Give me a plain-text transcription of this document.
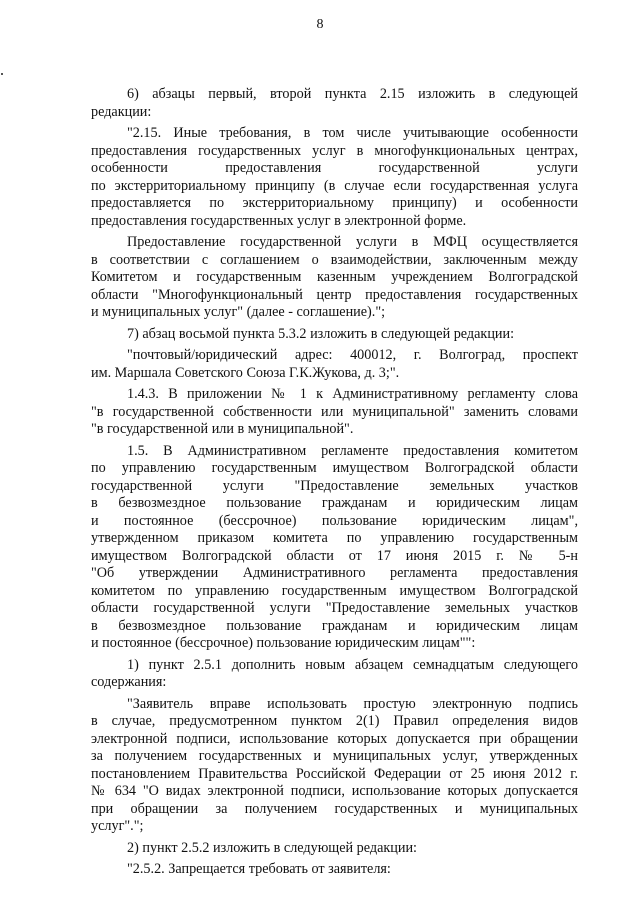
8
6) абзацы первый, второй пункта 2.15 изложить в следующей
редакции:
"2.15. Иные требования, в том числе учитывающие особенности
предоставления государственных услуг в многофункциональных центрах,
особенности предоставления государственной услуги
по экстерриториальному принципу (в случае если государственная услуга
предоставляется по экстерриториальному принципу) и особенности
предоставления государственных услуг в электронной форме.
Предоставление государственной услуги в МФЦ осуществляется
в соответствии с соглашением о взаимодействии, заключенным между
Комитетом и государственным казенным учреждением Волгоградской
области "Многофункциональный центр предоставления государственных
и муниципальных услуг" (далее - соглашение).";
7) абзац восьмой пункта 5.3.2 изложить в следующей редакции:
"почтовый/юридический адрес: 400012, г. Волгоград, проспект
им. Маршала Советского Союза Г.К.Жукова, д. 3;".
1.4.3. В приложении № 1 к Административному регламенту слова
"в государственной собственности или муниципальной" заменить словами
"в государственной или в муниципальной".
1.5. В Административном регламенте предоставления комитетом
по управлению государственным имуществом Волгоградской области
государственной услуги "Предоставление земельных участков
в безвозмездное пользование гражданам и юридическим лицам
и постоянное (бессрочное) пользование юридическим лицам",
утвержденном приказом комитета по управлению государственным
имуществом Волгоградской области от 17 июня 2015 г. № 5-н
"Об утверждении Административного регламента предоставления
комитетом по управлению государственным имуществом Волгоградской
области государственной услуги "Предоставление земельных участков
в безвозмездное пользование гражданам и юридическим лицам
и постоянное (бессрочное) пользование юридическим лицам"":
1) пункт 2.5.1 дополнить новым абзацем семнадцатым следующего
содержания:
"Заявитель вправе использовать простую электронную подпись
в случае, предусмотренном пунктом 2(1) Правил определения видов
электронной подписи, использование которых допускается при обращении
за получением государственных и муниципальных услуг, утвержденных
постановлением Правительства Российской Федерации от 25 июня 2012 г.
№ 634 "О видах электронной подписи, использование которых допускается
при обращении за получением государственных и муниципальных
услуг".";
2) пункт 2.5.2 изложить в следующей редакции:
"2.5.2. Запрещается требовать от заявителя:
